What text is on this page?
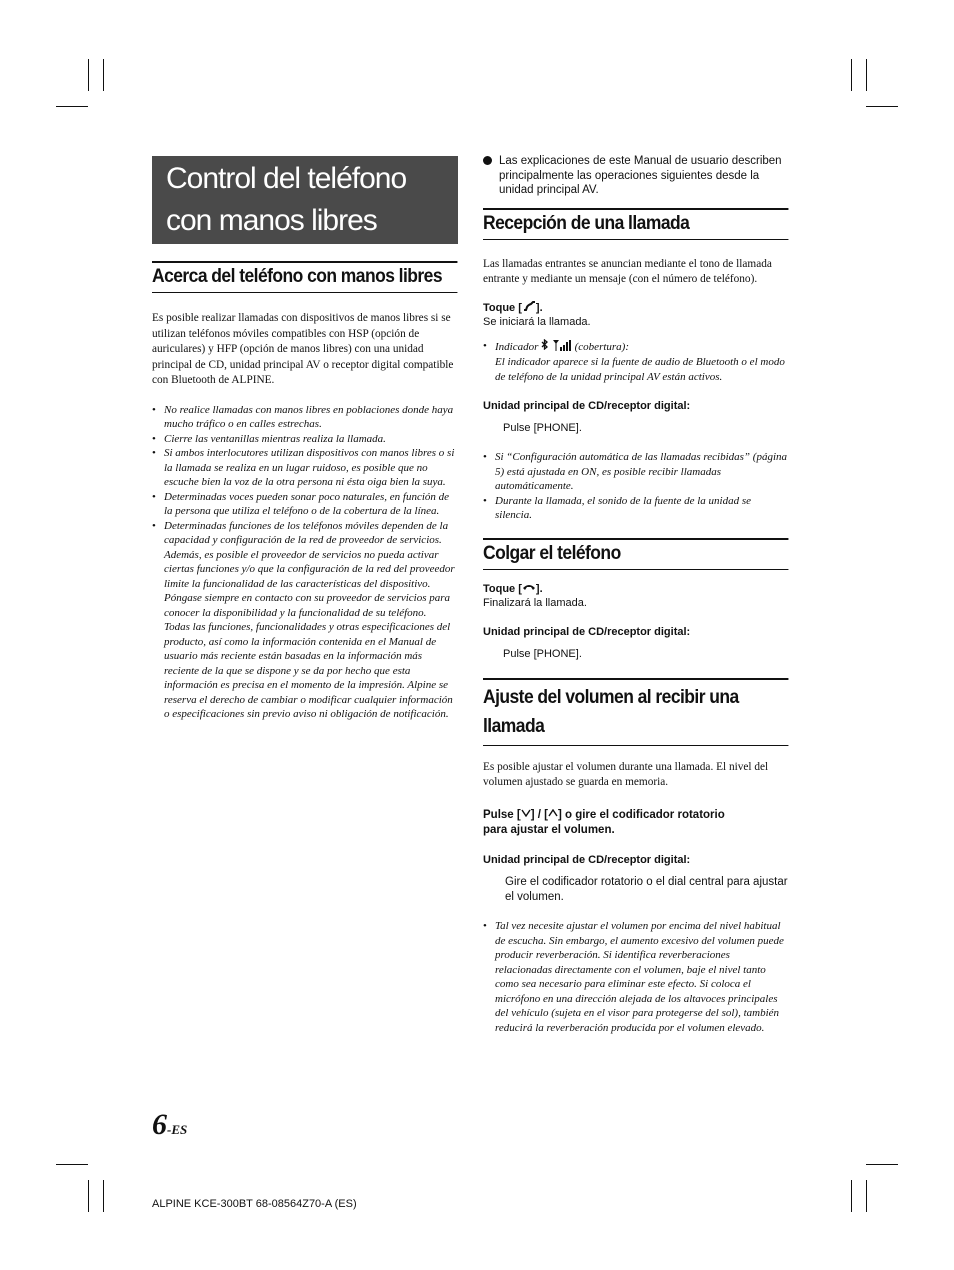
Control del teléfono
con manos libres
Acerca del teléfono con manos libres

Es posible realizar llamadas con dispositivos de manos libres si se utilizan teléfonos móviles compatibles con HSP (opción de auriculares) y HFP (opción de manos libres) con una unidad principal de CD, unidad principal AV o receptor digital compatible con Bluetooth de ALPINE.

• No realice llamadas con manos libres en poblaciones donde haya mucho tráfico o en calles estrechas.
• Cierre las ventanillas mientras realiza la llamada.
• Si ambos interlocutores utilizan dispositivos con manos libres o si la llamada se realiza en un lugar ruidoso, es posible que no escuche bien la voz de la otra persona ni ésta oiga bien la suya.
• Determinadas voces pueden sonar poco naturales, en función de la persona que utiliza el teléfono o de la cobertura de la línea.
• Determinadas funciones de los teléfonos móviles dependen de la capacidad y configuración de la red de proveedor de servicios. Además, es posible el proveedor de servicios no pueda activar ciertas funciones y/o que la configuración de la red del proveedor limite la funcionalidad de las características del dispositivo. Póngase siempre en contacto con su proveedor de servicios para conocer la disponibilidad y la funcionalidad de su teléfono.
Todas las funciones, funcionalidades y otras especificaciones del producto, así como la información contenida en el Manual de usuario más reciente están basadas en la información más reciente de la que se dispone y se da por hecho que esta información es precisa en el momento de la impresión. Alpine se reserva el derecho de cambiar o modificar cualquier información o especificaciones sin previo aviso ni obligación de notificación.
Las explicaciones de este Manual de usuario describen principalmente las operaciones siguientes desde la unidad principal AV.
Recepción de una llamada

Las llamadas entrantes se anuncian mediante el tono de llamada entrante y mediante un mensaje (con el número de teléfono).

Toque [ ].
Se iniciará la llamada.
• Indicador	(cobertura):
El indicador aparece si la fuente de audio de Bluetooth o el modo de teléfono de la unidad principal AV están activos.
Unidad principal de CD/receptor digital:
Pulse [PHONE].
• Si “Configuración automática de las llamadas recibidas” (página 5) está ajustada en ON, es posible recibir llamadas automáticamente.
• Durante la llamada, el sonido de la fuente de la unidad se silencia.
Colgar el teléfono
Toque [ ].
Finalizará la llamada.
Unidad principal de CD/receptor digital:
Pulse [PHONE].
Ajuste del volumen al recibir una
llamada

Es posible ajustar el volumen durante una llamada. El nivel del volumen ajustado se guarda en memoria.

Pulse [ ] / [ ] o gire el codificador rotatorio
para ajustar el volumen.
Unidad principal de CD/receptor digital:
Gire el codificador rotatorio o el dial central para ajustar el volumen.
• Tal vez necesite ajustar el volumen por encima del nivel habitual de escucha. Sin embargo, el aumento excesivo del volumen puede producir reverberación. Si identifica reverberaciones relacionadas directamente con el volumen, baje el nivel tanto como sea necesario para eliminar este efecto. Si coloca el micrófono en una dirección alejada de los altavoces principales del vehículo (sujeta en el visor para protegerse del sol), también reducirá la reverberación producida por el volumen elevado.
6-ES
ALPINE KCE-300BT 68-08564Z70-A (ES)
